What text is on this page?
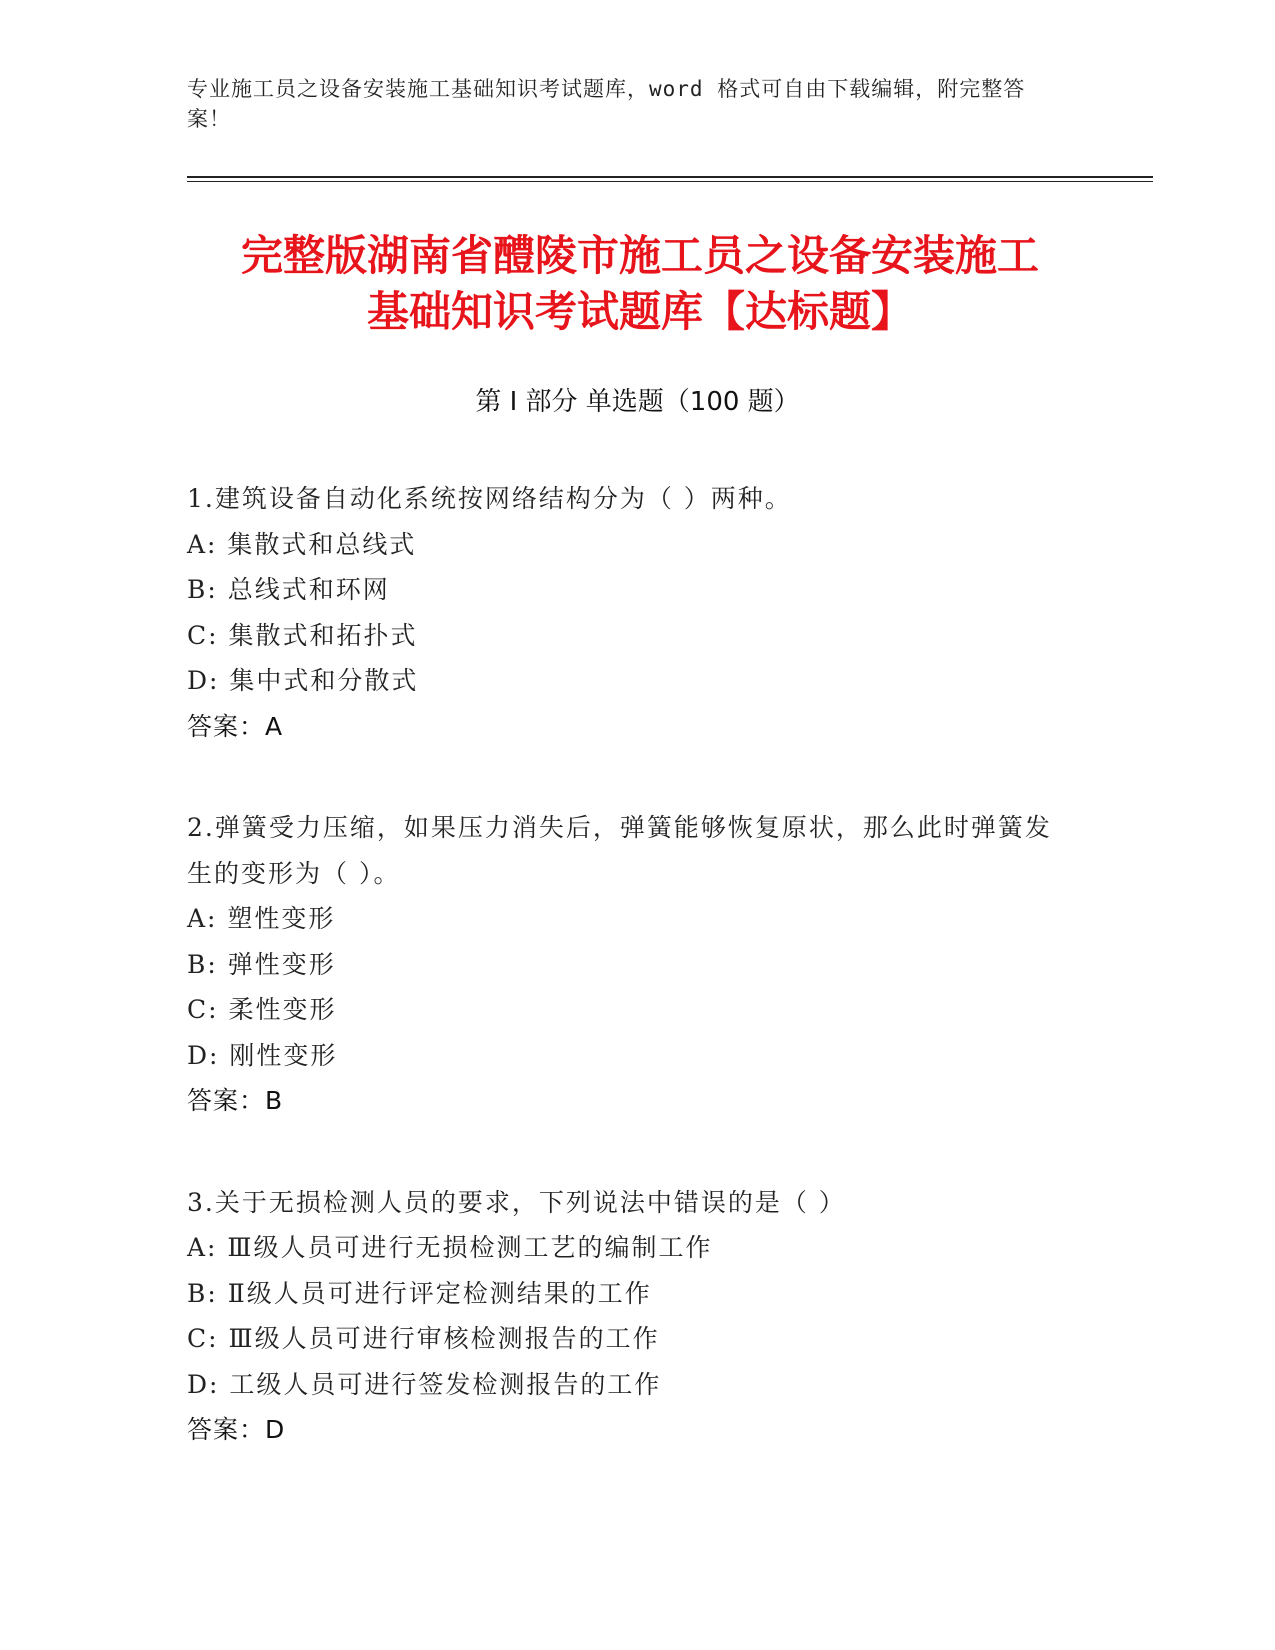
专业施工员之设备安装施工基础知识考试题库，word 格式可自由下载编辑，附完整答案！
完整版湖南省醴陵市施工员之设备安装施工
基础知识考试题库【达标题】
第 I 部分 单选题（100 题）
1.建筑设备自动化系统按网络结构分为（ ）两种。
A: 集散式和总线式
B: 总线式和环网
C: 集散式和拓扑式
D: 集中式和分散式
答案：A
2.弹簧受力压缩，如果压力消失后，弹簧能够恢复原状，那么此时弹簧发生的变形为（ ）。
A: 塑性变形
B: 弹性变形
C: 柔性变形
D: 刚性变形
答案：B
3.关于无损检测人员的要求，下列说法中错误的是（ ）
A: Ⅲ级人员可进行无损检测工艺的编制工作
B: Ⅱ级人员可进行评定检测结果的工作
C: Ⅲ级人员可进行审核检测报告的工作
D: 工级人员可进行签发检测报告的工作
答案：D
